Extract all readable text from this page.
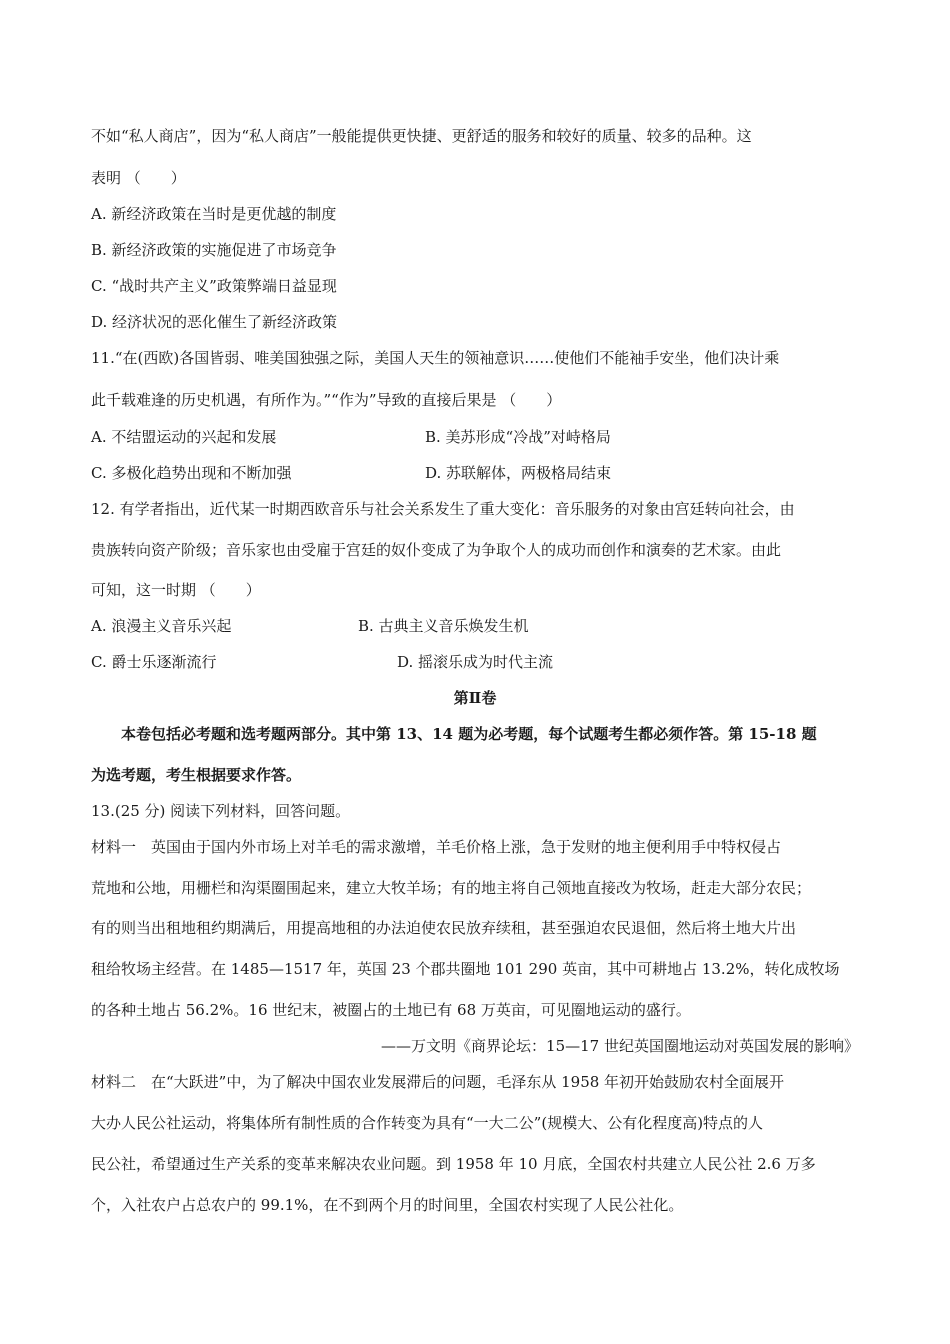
不如“私人商店”，因为“私人商店”一般能提供更快捷、更舒适的服务和较好的质量、较多的品种。这
表明 （　　）
A. 新经济政策在当时是更优越的制度
B. 新经济政策的实施促进了市场竞争
C. “战时共产主义”政策弊端日益显现
D. 经济状况的恶化催生了新经济政策
11.“在(西欧)各国皆弱、唯美国独强之际，美国人天生的领袖意识……使他们不能袖手安坐，他们决计乘
此千载难逢的历史机遇，有所作为。”“作为”导致的直接后果是 （　　）
A. 不结盟运动的兴起和发展	B. 美苏形成“冷战”对峙格局
C. 多极化趋势出现和不断加强	D. 苏联解体，两极格局结束
12. 有学者指出，近代某一时期西欧音乐与社会关系发生了重大变化：音乐服务的对象由宫廷转向社会，由
贵族转向资产阶级；音乐家也由受雇于宫廷的奴仆变成了为争取个人的成功而创作和演奏的艺术家。由此
可知，这一时期 （　　）
A. 浪漫主义音乐兴起	B. 古典主义音乐焕发生机
C. 爵士乐逐渐流行	D. 摇滚乐成为时代主流
第Ⅱ卷
本卷包括必考题和选考题两部分。其中第 13、14 题为必考题，每个试题考生都必须作答。第 15-18 题
为选考题，考生根据要求作答。
13.(25 分) 阅读下列材料，回答问题。
材料一　英国由于国内外市场上对羊毛的需求激增，羊毛价格上涨，急于发财的地主便利用手中特权侵占
荒地和公地，用栅栏和沟渠圈围起来，建立大牧羊场；有的地主将自己领地直接改为牧场，赶走大部分农民；
有的则当出租地租约期满后，用提高地租的办法迫使农民放弃续租，甚至强迫农民退佃，然后将土地大片出
租给牧场主经营。在 1485—1517 年，英国 23 个郡共圈地 101 290 英亩，其中可耕地占 13.2%，转化成牧场
的各种土地占 56.2%。16 世纪末，被圈占的土地已有 68 万英亩，可见圈地运动的盛行。
——万文明《商界论坛：15—17 世纪英国圈地运动对英国发展的影响》
材料二　在“大跃进”中，为了解决中国农业发展滞后的问题，毛泽东从 1958 年初开始鼓励农村全面展开
大办人民公社运动，将集体所有制性质的合作转变为具有“一大二公”(规模大、公有化程度高)特点的人
民公社，希望通过生产关系的变革来解决农业问题。到 1958 年 10 月底，全国农村共建立人民公社 2.6 万多
个，入社农户占总农户的 99.1%，在不到两个月的时间里，全国农村实现了人民公社化。
